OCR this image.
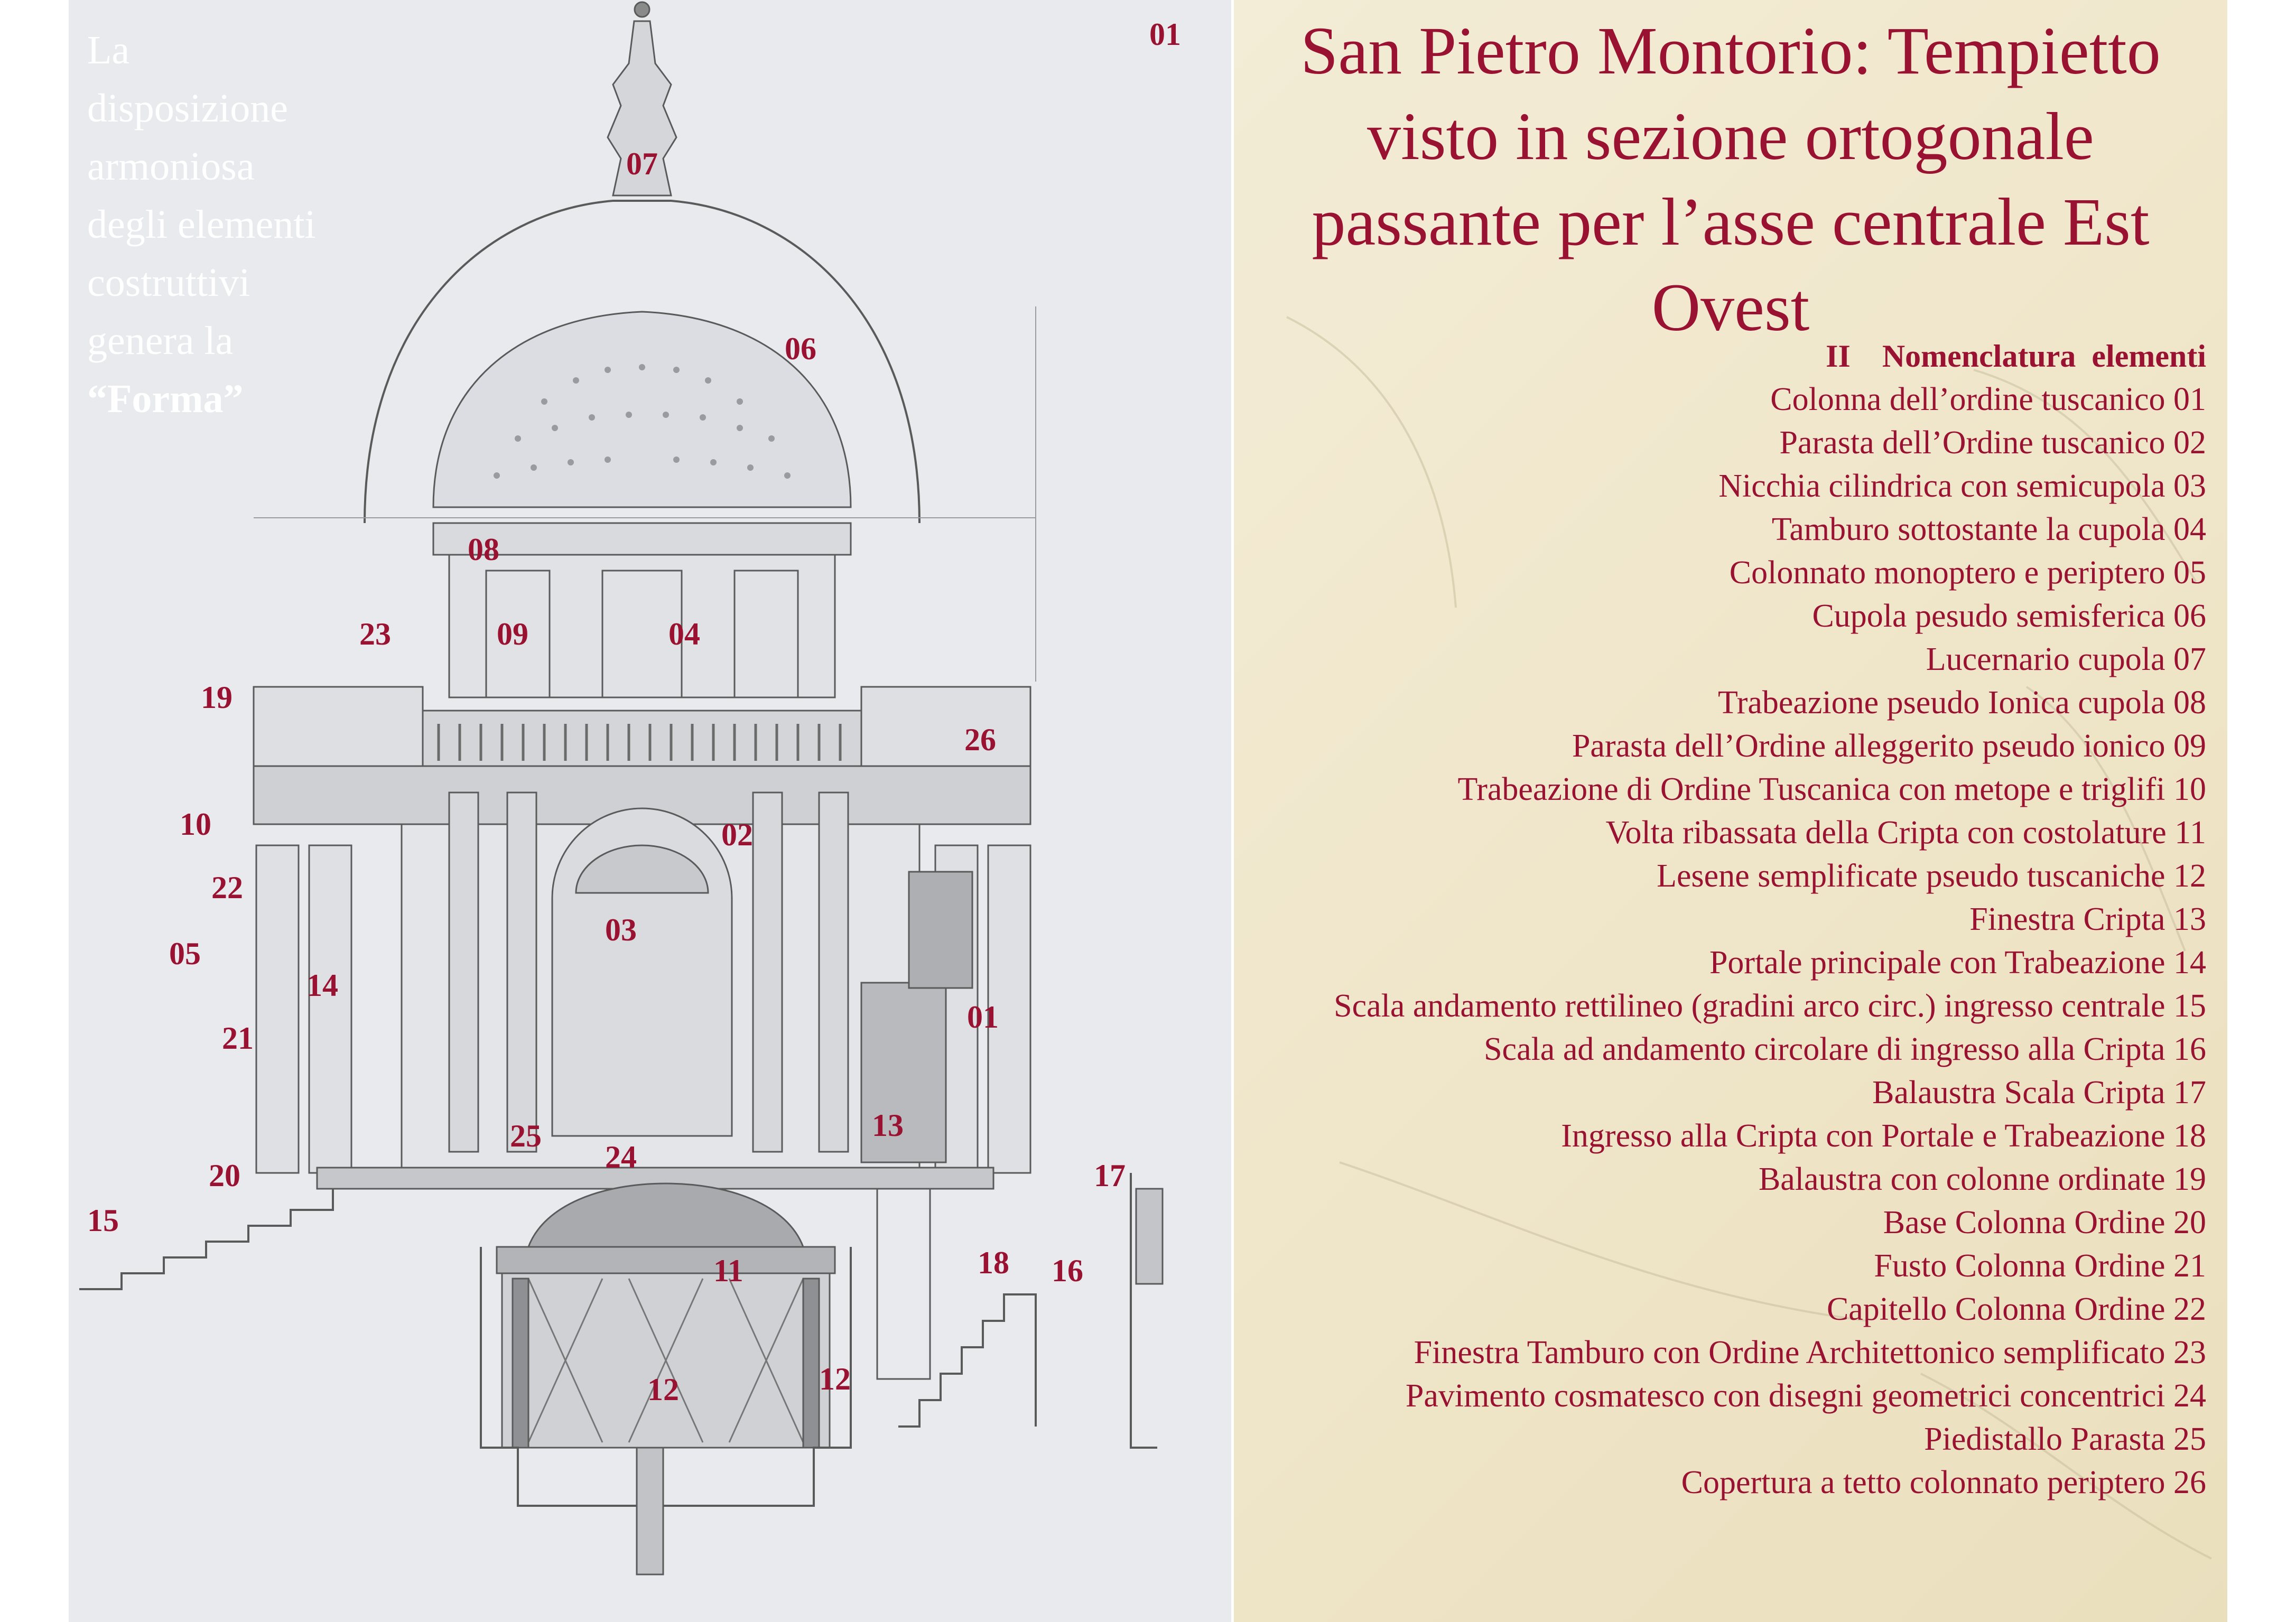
La
disposizione
armoniosa
degli elementi
costruttivi
genera la
“Forma”
01
07
06
08
23	09	04
19
26
10	02
22
05
03
14
01
21
25	13
24
20	17
15
18
11	16
12	12
San Pietro Montorio: Tempietto
visto in sezione ortogonale
passante per l’asse centrale Est
Ovest
II    Nomenclatura  elementi
Colonna dell’ordine tuscanico 01
Parasta dell’Ordine tuscanico 02
Nicchia cilindrica con semicupola 03
Tamburo sottostante la cupola 04
Colonnato monoptero e periptero 05
Cupola pesudo semisferica 06
Lucernario cupola 07
Trabeazione pseudo Ionica cupola 08
Parasta dell’Ordine alleggerito pseudo ionico 09
Trabeazione di Ordine Tuscanica con metope e triglifi 10
Volta ribassata della Cripta con costolature 11
Lesene semplificate pseudo tuscaniche 12
Finestra Cripta 13
Portale principale con Trabeazione 14
Scala andamento rettilineo (gradini arco circ.) ingresso centrale 15
Scala ad andamento circolare di ingresso alla Cripta 16
Balaustra Scala Cripta 17
Ingresso alla Cripta con Portale e Trabeazione 18
Balaustra con colonne ordinate 19
Base Colonna Ordine 20
Fusto Colonna Ordine 21
Capitello Colonna Ordine 22
Finestra Tamburo con Ordine Architettonico semplificato 23
Pavimento cosmatesco con disegni geometrici concentrici 24
Piedistallo Parasta 25
Copertura a tetto colonnato periptero 26
